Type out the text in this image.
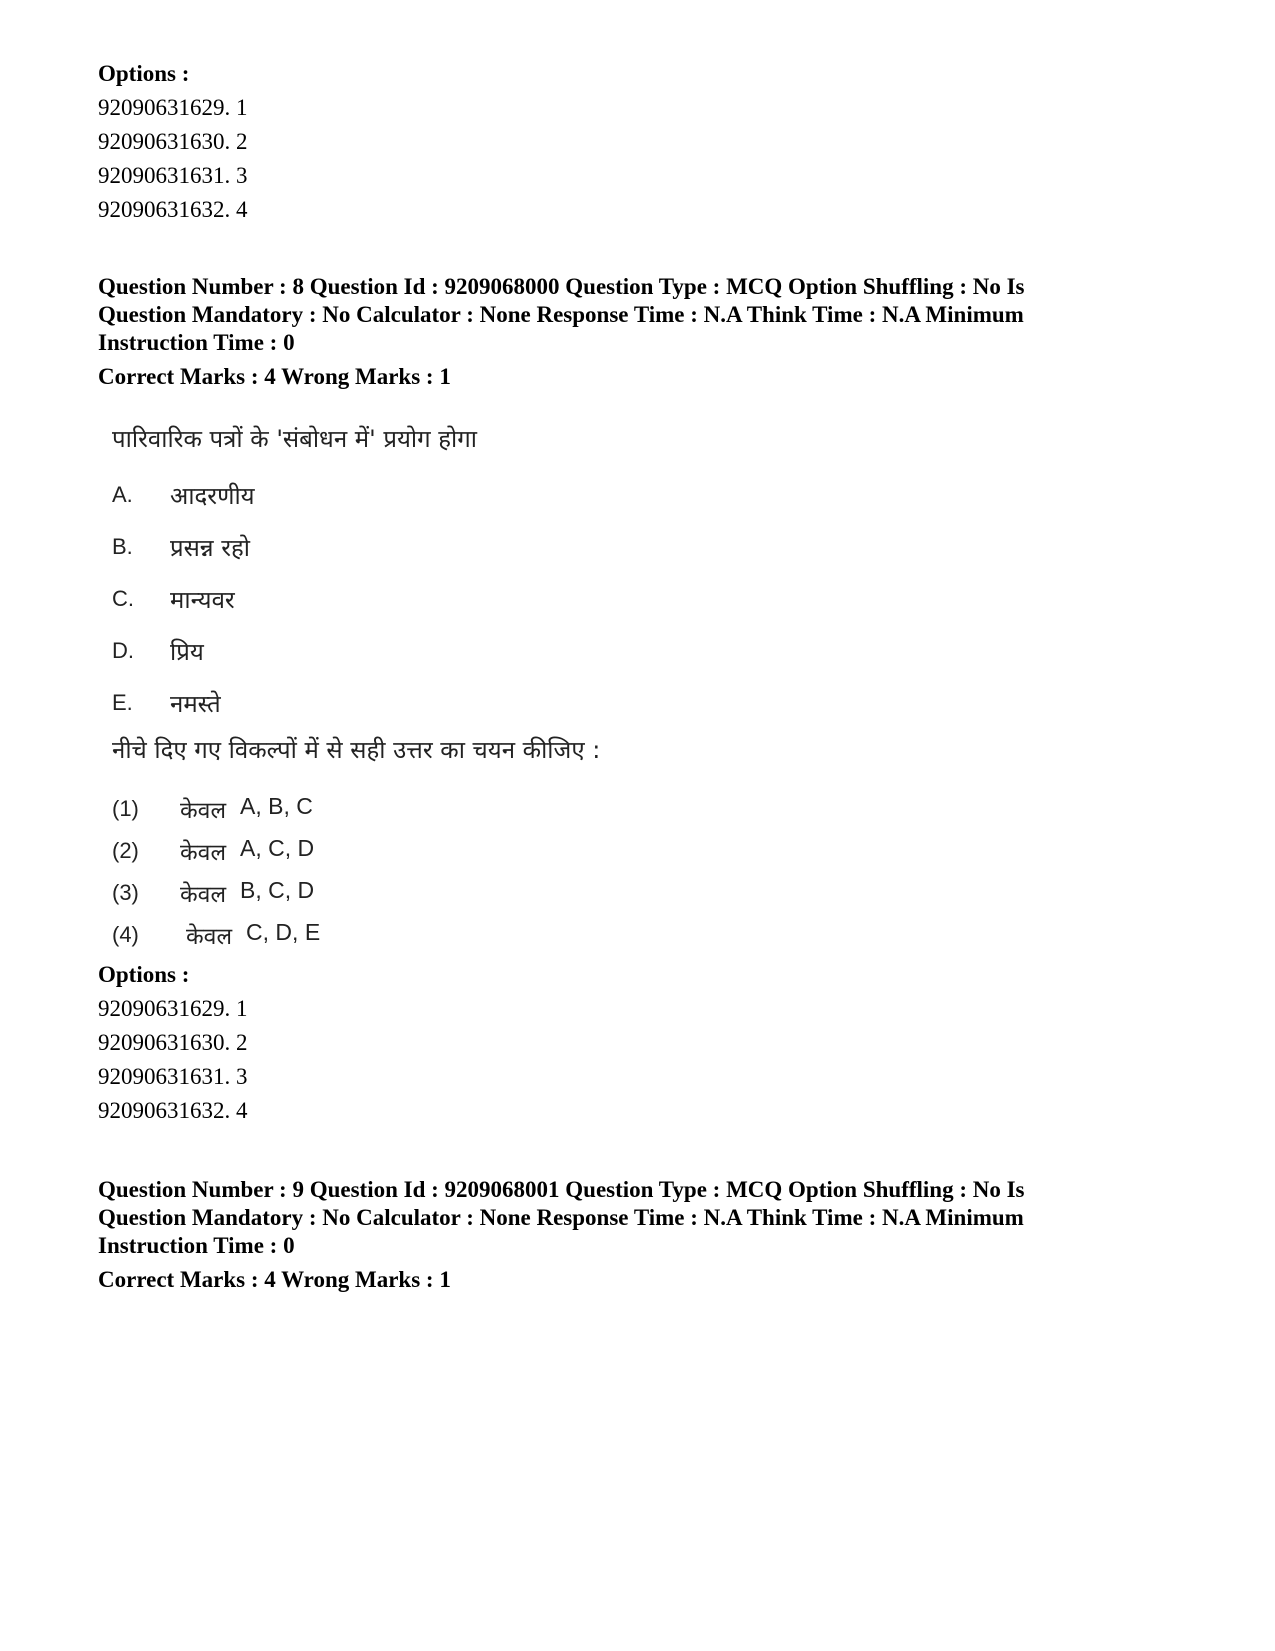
Options :
92090631629. 1
92090631630. 2
92090631631. 3
92090631632. 4
Question Number : 8 Question Id : 9209068000 Question Type : MCQ Option Shuffling : No Is
Question Mandatory : No Calculator : None Response Time : N.A Think Time : N.A Minimum
Instruction Time : 0
Correct Marks : 4 Wrong Marks : 1
पारिवारिक पत्रों के 'संबोधन में' प्रयोग होगा
A.	आदरणीय
B.	प्रसन्न रहो
C.	मान्यवर
D.	प्रिय
E.	नमस्ते
नीचे दिए गए विकल्पों में से सही उत्तर का चयन कीजिए :
(1)	केवल A, B, C
(2)	केवल A, C, D
(3)	केवल B, C, D
(4)	केवल C, D, E
Options :
92090631629. 1
92090631630. 2
92090631631. 3
92090631632. 4
Question Number : 9 Question Id : 9209068001 Question Type : MCQ Option Shuffling : No Is
Question Mandatory : No Calculator : None Response Time : N.A Think Time : N.A Minimum
Instruction Time : 0
Correct Marks : 4 Wrong Marks : 1
